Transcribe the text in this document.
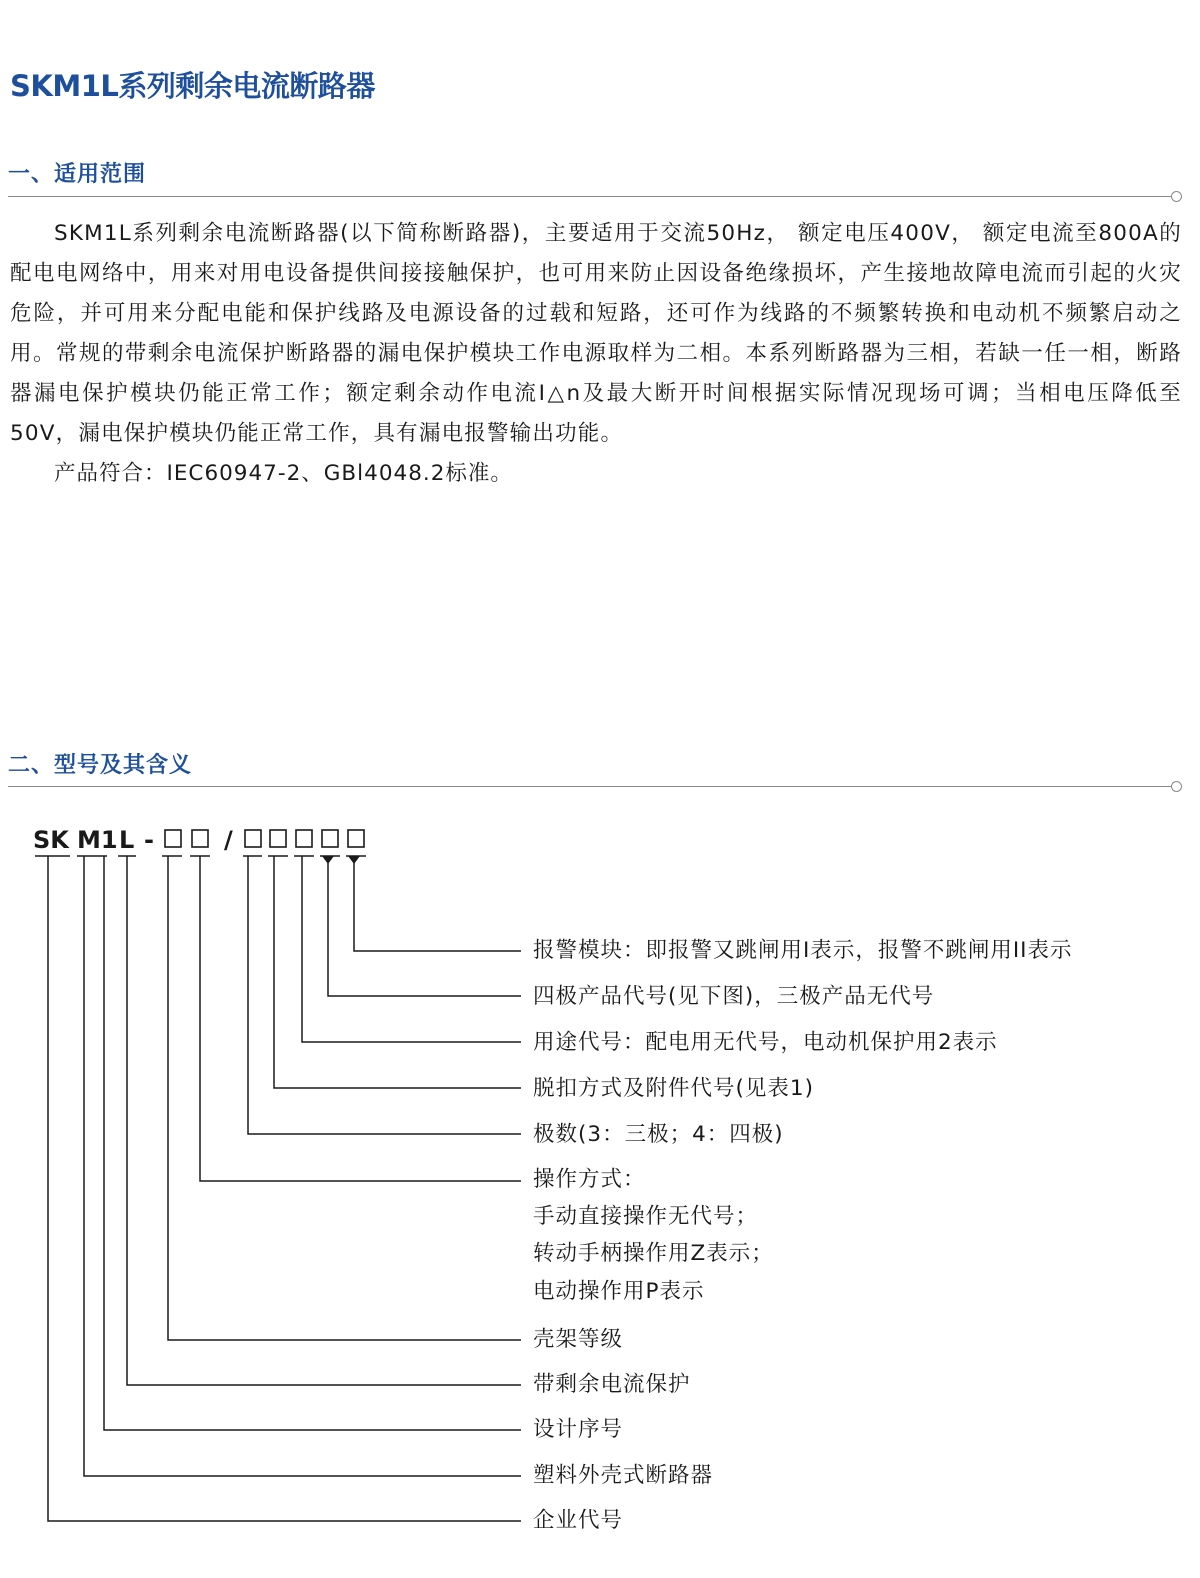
SKM1L系列剩余电流断路器
一、适用范围

SKM1L系列剩余电流断路器(以下简称断路器)，主要适用于交流50Hz， 额定电压400V， 额定电流至800A的配电电网络中，用来对用电设备提供间接接触保护，也可用来防止因设备绝缘损坏，产生接地故障电流而引起的火灾危险，并可用来分配电能和保护线路及电源设备的过载和短路，还可作为线路的不频繁转换和电动机不频繁启动之用。常规的带剩余电流保护断路器的漏电保护模块工作电源取样为二相。本系列断路器为三相，若缺一任一相，断路器漏电保护模块仍能正常工作；额定剩余动作电流I△n及最大断开时间根据实际情况现场可调；当相电压降低至50V，漏电保护模块仍能正常工作，具有漏电报警输出功能。

产品符合：IEC60947-2、GBl4048.2标准。

二、型号及其含义
SK M1 L -	/
报警模块：即报警又跳闸用I表示，报警不跳闸用II表示
四极产品代号(见下图)，三极产品无代号
用途代号：配电用无代号，电动机保护用2表示
脱扣方式及附件代号(见表1)
极数(3：三极；4：四极)
操作方式：
手动直接操作无代号；
转动手柄操作用Z表示；
电动操作用P表示
壳架等级
带剩余电流保护
设计序号
塑料外壳式断路器
企业代号
